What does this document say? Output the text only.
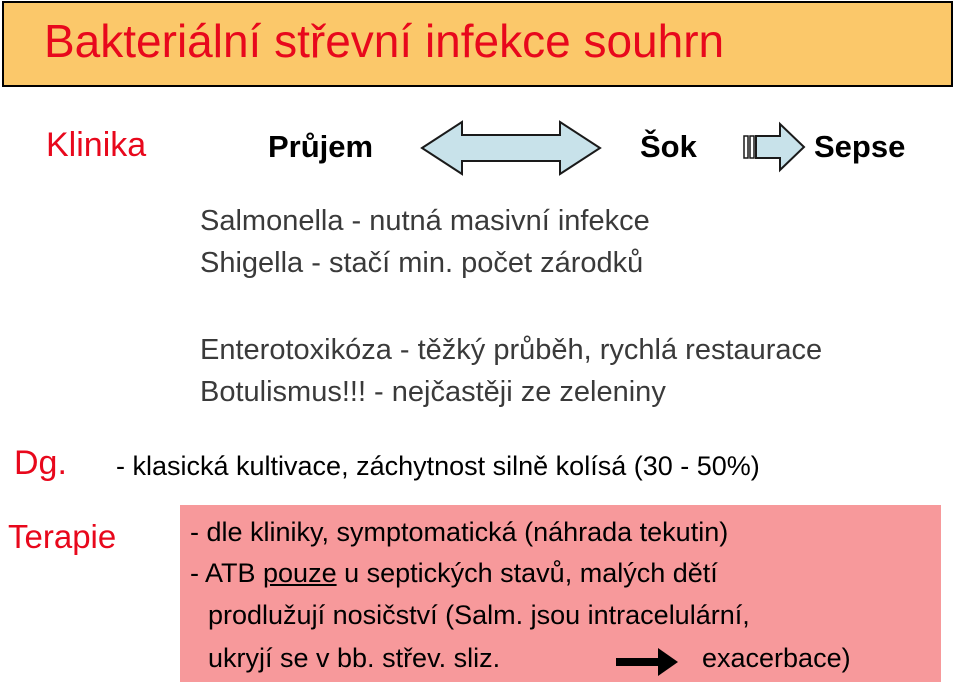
Bakteriální střevní infekce souhrn
Klinika	Průjem	Šok	Sepse
Salmonella - nutná masivní infekce
Shigella - stačí min. počet zárodků
Enterotoxikóza - těžký průběh, rychlá restaurace
Botulismus!!! - nejčastěji ze zeleniny
Dg. - klasická kultivace, záchytnost silně kolísá (30 - 50%)
Terapie	- dle kliniky, symptomatická (náhrada tekutin)
- ATB pouze u septických stavů, malých dětí
prodlužují nosičství (Salm. jsou intracelulární,
ukryjí se v bb. střev. sliz.	exacerbace)
